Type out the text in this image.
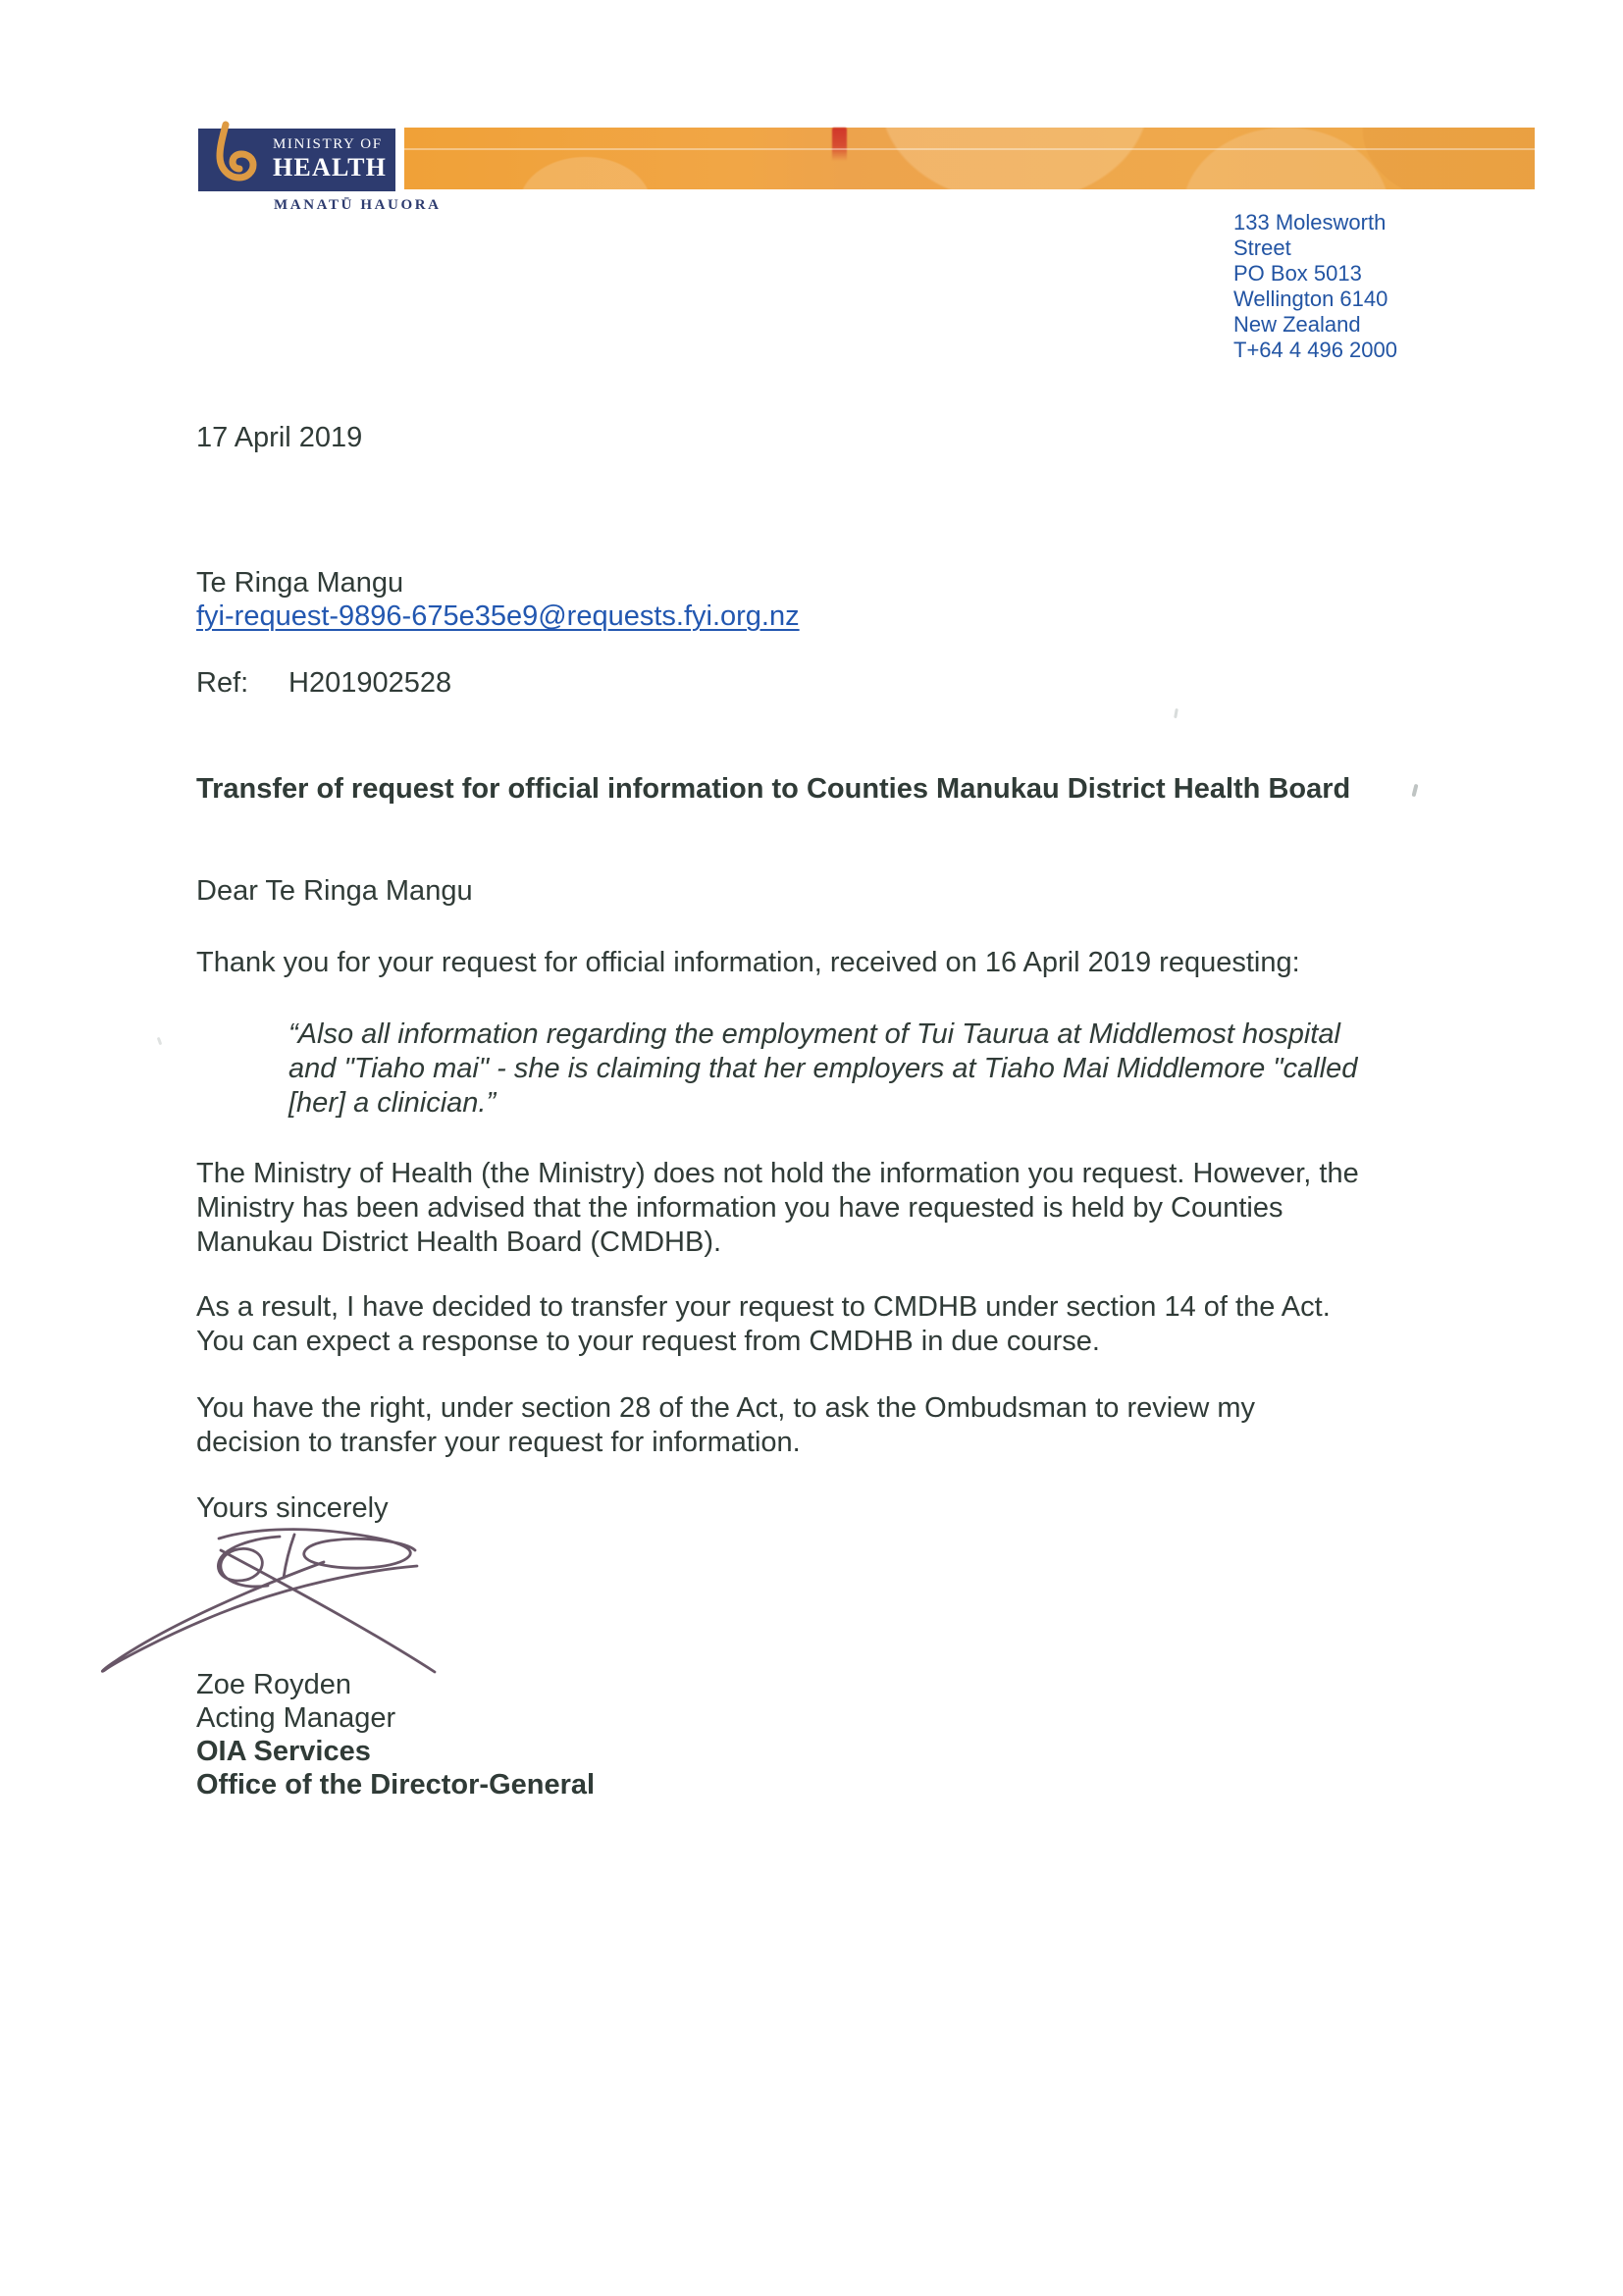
MINISTRY OF
HEALTH
MANATŪ HAUORA
133 Molesworth
Street
PO Box 5013
Wellington 6140
New Zealand
T+64 4 496 2000
17 April 2019
Te Ringa Mangu
fyi-request-9896-675e35e9@requests.fyi.org.nz
Ref: H201902528
Transfer of request for official information to Counties Manukau District Health Board
Dear Te Ringa Mangu
Thank you for your request for official information, received on 16 April 2019 requesting:
“Also all information regarding the employment of Tui Taurua at Middlemost hospital
and "Tiaho mai" - she is claiming that her employers at Tiaho Mai Middlemore "called
[her] a clinician.”
The Ministry of Health (the Ministry) does not hold the information you request. However, the
Ministry has been advised that the information you have requested is held by Counties
Manukau District Health Board (CMDHB).
As a result, I have decided to transfer your request to CMDHB under section 14 of the Act.
You can expect a response to your request from CMDHB in due course.
You have the right, under section 28 of the Act, to ask the Ombudsman to review my
decision to transfer your request for information.
Yours sincerely
Zoe Royden
Acting Manager
OIA Services
Office of the Director-General
